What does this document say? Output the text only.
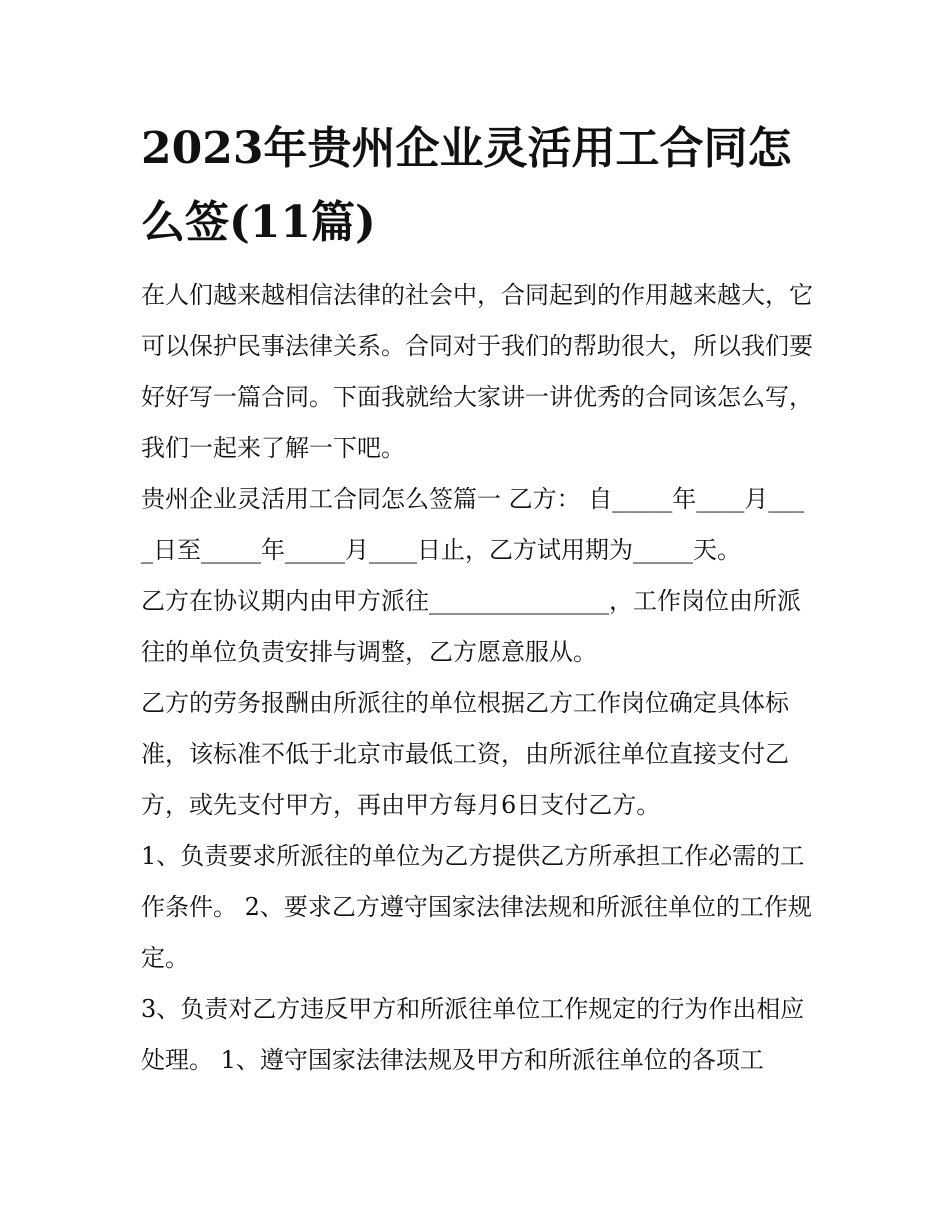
2023年贵州企业灵活用工合同怎么签(11篇)

在人们越来越相信法律的社会中，合同起到的作用越来越大，它可以保护民事法律关系。合同对于我们的帮助很大，所以我们要好好写一篇合同。下面我就给大家讲一讲优秀的合同该怎么写，我们一起来了解一下吧。

贵州企业灵活用工合同怎么签篇一 乙方： 自_____年____月____日至_____年_____月____日止，乙方试用期为_____天。

乙方在协议期内由甲方派往_______________，工作岗位由所派往的单位负责安排与调整，乙方愿意服从。

乙方的劳务报酬由所派往的单位根据乙方工作岗位确定具体标准，该标准不低于北京市最低工资，由所派往单位直接支付乙方，或先支付甲方，再由甲方每月6日支付乙方。

1、负责要求所派往的单位为乙方提供乙方所承担工作必需的工作条件。 2、要求乙方遵守国家法律法规和所派往单位的工作规定。

3、负责对乙方违反甲方和所派往单位工作规定的行为作出相应处理。 1、遵守国家法律法规及甲方和所派往单位的各项工
